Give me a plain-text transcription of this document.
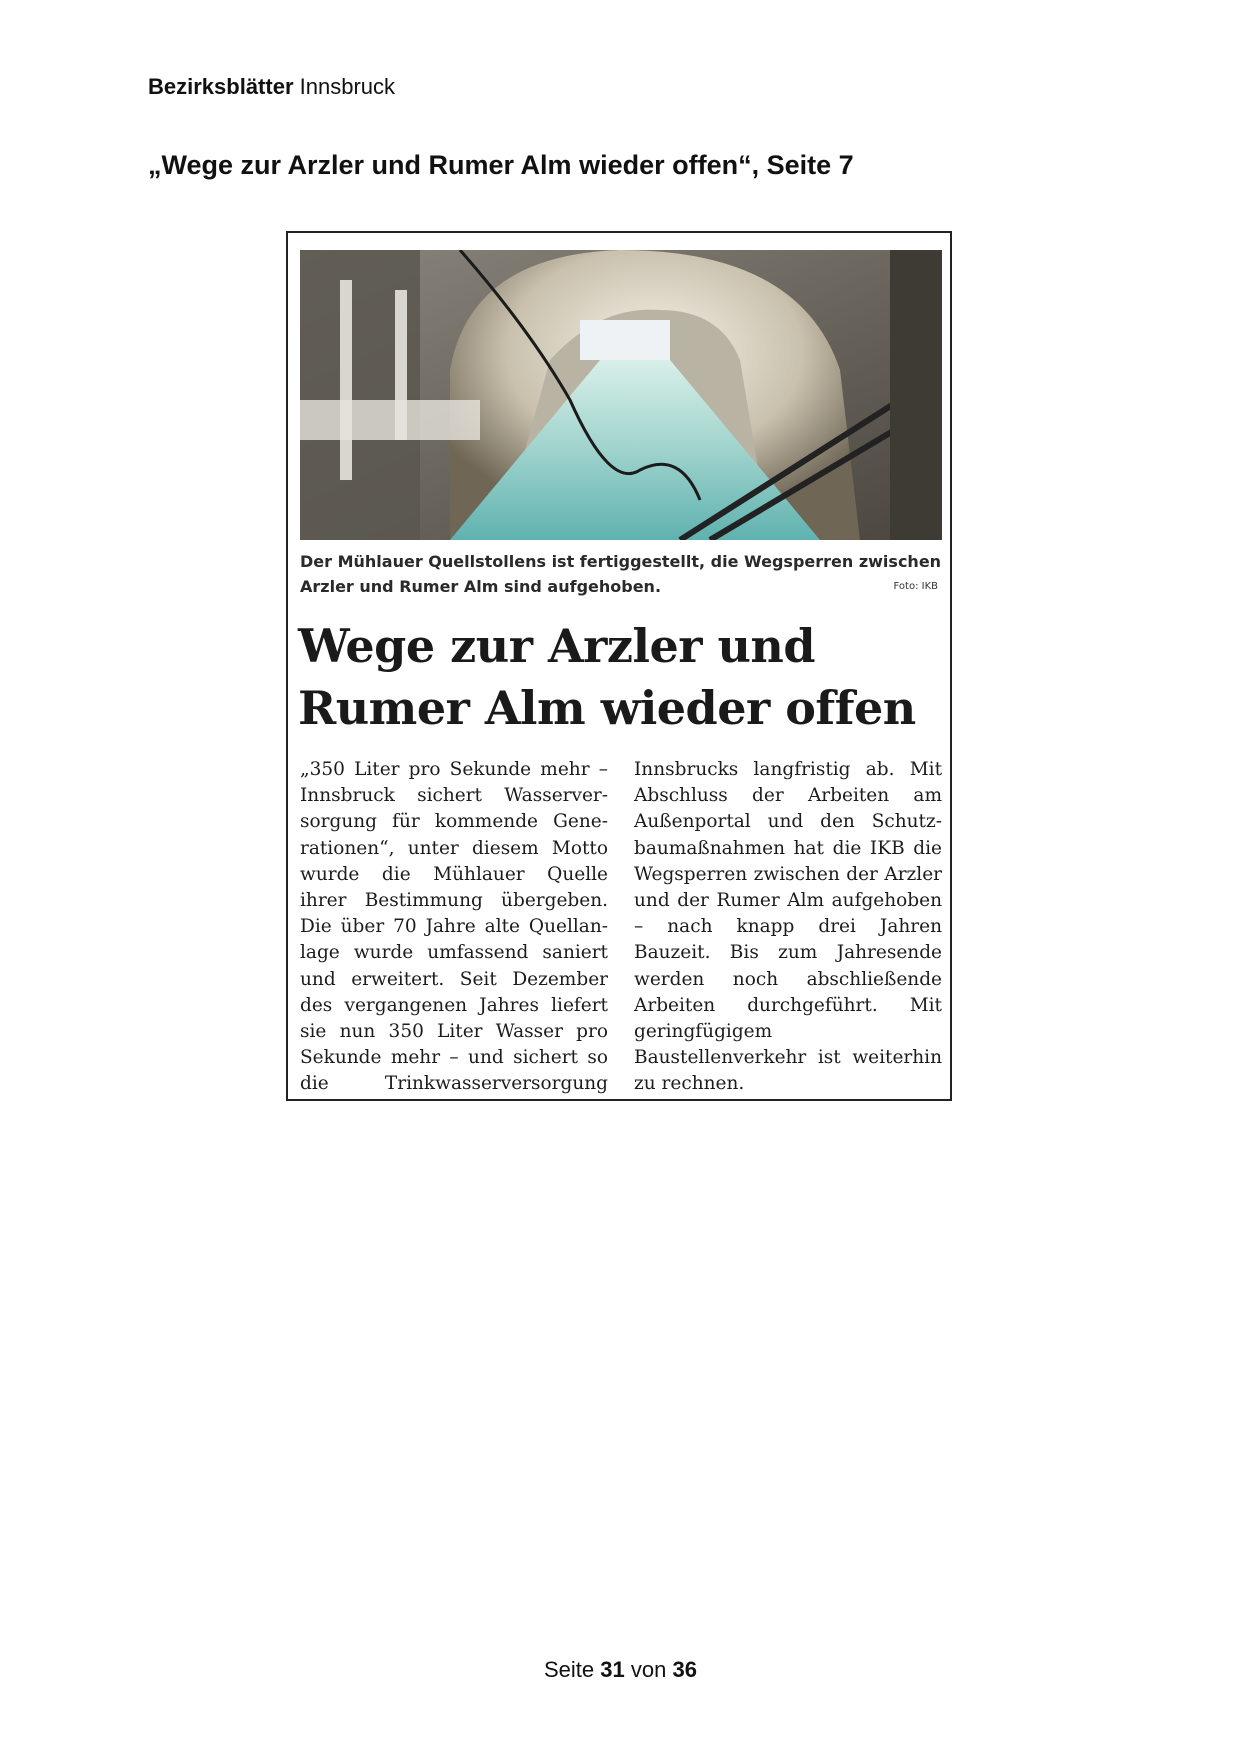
Bezirksblätter Innsbruck
„Wege zur Arzler und Rumer Alm wieder offen“, Seite 7
Der Mühlauer Quellstollens ist fertiggestellt, die Wegsperren zwischen Arzler und Rumer Alm sind aufgehoben.	Foto: IKB
Wege zur Arzler und Rumer Alm wieder offen
„350 Liter pro Sekunde mehr – Innsbruck sichert Wasserversorgung für kommende Generationen“, unter diesem Motto wurde die Mühlauer Quelle ihrer Bestimmung übergeben. Die über 70 Jahre alte Quellanlage wurde umfassend saniert und erweitert. Seit Dezember des vergangenen Jahres liefert sie nun 350 Liter Wasser pro Sekunde mehr – und sichert so die Trinkwasserversorgung Innsbrucks langfristig ab. Mit Abschluss der Arbeiten am Außenportal und den Schutzbaumaßnahmen hat die IKB die Wegsperren zwischen der Arzler und der Rumer Alm aufgehoben – nach knapp drei Jahren Bauzeit. Bis zum Jahresende werden noch abschließende Arbeiten durchgeführt. Mit geringfügigem Baustellenverkehr ist weiterhin zu rechnen.
Seite 31 von 36
